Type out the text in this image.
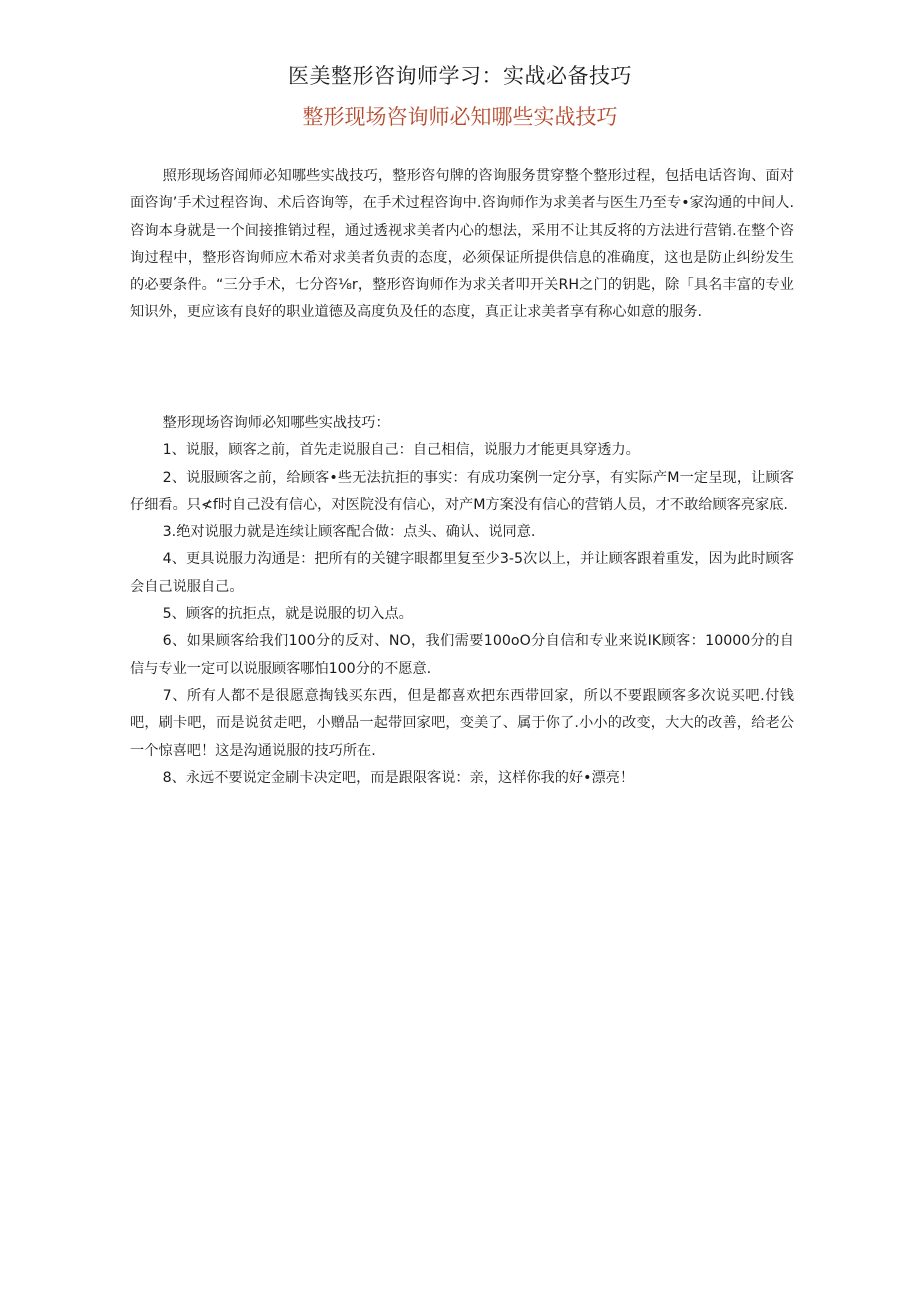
医美整形咨询师学习：实战必备技巧
整形现场咨询师必知哪些实战技巧

照形现场咨闻师必知哪些实战技巧，整形咨句牌的咨询服务贯穿整个整形过程，包括电话咨询、面对面咨询’手术过程咨询、术后咨询等，在手术过程咨询中.咨询师作为求美者与医生乃至专•家沟通的中间人.咨询本身就是一个间接推销过程，通过透视求美者内心的想法，采用不让其反将的方法进行营销.在整个咨询过程中，整形咨询师应木希对求美者负责的态度，必须保证所提供信息的准确度，这也是防止纠纷发生的必要条件。“三分手术，七分咨⅛r，整形咨询师作为求关者叩开关RH之门的钥匙，除「具名丰富的专业知识外，更应该有良好的职业道德及高度负及任的态度，真正让求美者享有称心如意的服务.

整形现场咨询师必知哪些实战技巧：

1、说服，顾客之前，首先走说服自己：自己相信，说服力才能更具穿透力。

2、说服顾客之前，给顾客•些无法抗拒的事实：有成功案例一定分享，有实际产M一定呈现，让顾客仔细看。只≮f时自己没有信心，对医院没有信心，对产M方案没有信心的营销人员，才不敢给顾客亮家底.

3.绝对说服力就是连续让顾客配合做：点头、确认、说同意.

4、更具说服力沟通是：把所有的关键字眼都里复至少3-5次以上，并让顾客跟着重发，因为此时顾客会自己说服自己。

5、顾客的抗拒点，就是说服的切入点。

6、如果顾客给我们100分的反对、NO，我们需要100oO分自信和专业来说IK顾客：10000分的自信与专业一定可以说服顾客哪怕100分的不愿意.

7、所有人都不是很愿意掏钱买东西，但是都喜欢把东西带回家，所以不要跟顾客多次说买吧.付钱吧，刷卡吧，而是说贫走吧，小赠品一起带回家吧，变美了、属于你了.小小的改变，大大的改善，给老公一个惊喜吧！这是沟通说服的技巧所在.

8、永远不要说定金刷卡决定吧，而是跟限客说：亲，这样你我的好•漂亮！
